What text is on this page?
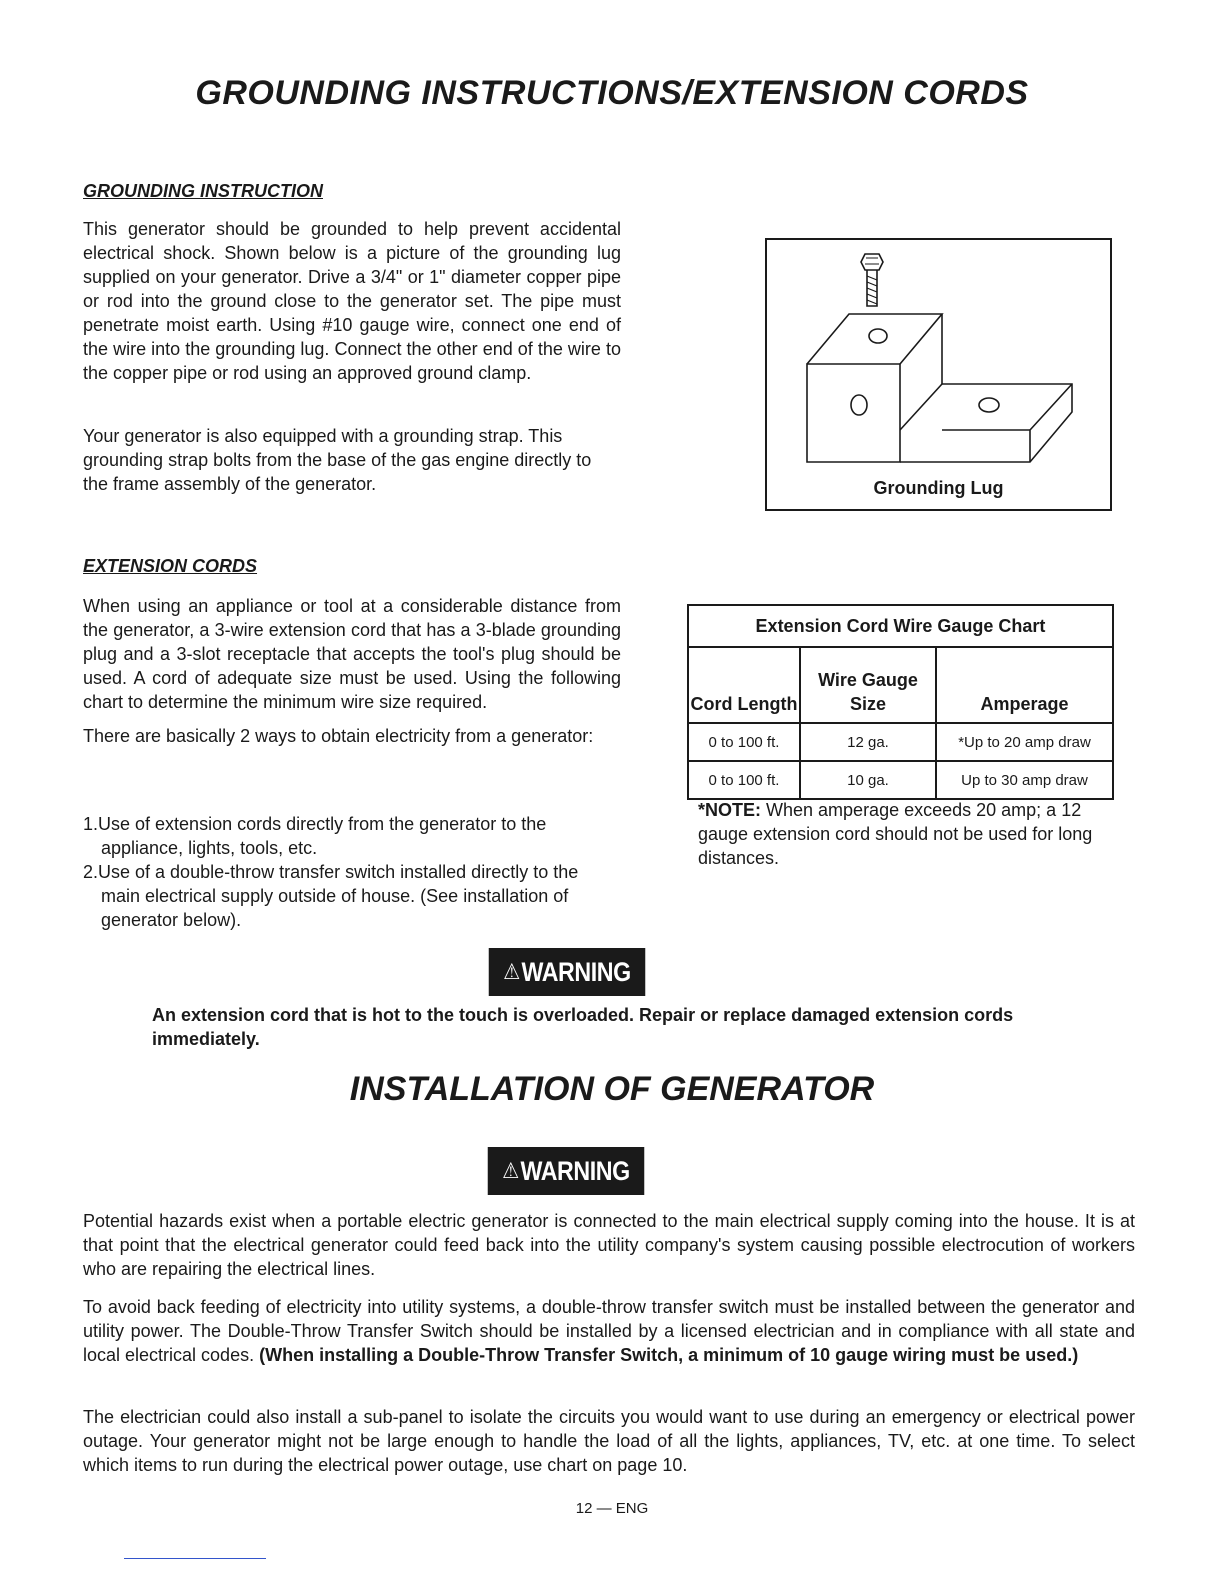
GROUNDING INSTRUCTIONS/EXTENSION CORDS
GROUNDING INSTRUCTION

This generator should be grounded to help prevent accidental electrical shock. Shown below is a picture of the grounding lug supplied on your generator. Drive a 3/4" or 1" diameter copper pipe or rod into the ground close to the generator set. The pipe must penetrate moist earth. Using #10 gauge wire, connect one end of the wire into the grounding lug. Connect the other end of the wire to the copper pipe or rod using an approved ground clamp.

Your generator is also equipped with a grounding strap. This grounding strap bolts from the base of the gas engine directly to the frame assembly of the generator.	Grounding Lug
EXTENSION CORDS

When using an appliance or tool at a considerable distance from the generator, a 3-wire extension cord that has a 3-blade grounding plug and a 3-slot receptacle that accepts the tool's plug should be used. A cord of adequate size must be used. Using the following chart to determine the minimum wire size required.

There are basically 2 ways to obtain electricity from a generator:

1.Use of extension cords directly from the generator to the appliance, lights, tools, etc.

2.Use of a double-throw transfer switch installed directly to the main electrical supply outside of house. (See installation of generator below).

Extension Cord Wire Gauge Chart		
Cord Length	Wire Gauge Size	Amperage
0 to 100 ft.	12 ga.	*Up to 20 amp draw
0 to 100 ft.	10 ga.	Up to 30 amp draw

*NOTE: When amperage exceeds 20 amp; a 12 gauge extension cord should not be used for long distances.

⚠ WARNING

An extension cord that is hot to the touch is overloaded. Repair or replace damaged extension cords immediately.

INSTALLATION OF GENERATOR
⚠ WARNING

Potential hazards exist when a portable electric generator is connected to the main electrical supply coming into the house. It is at that point that the electrical generator could feed back into the utility company's system causing possible electrocution of workers who are repairing the electrical lines.

To avoid back feeding of electricity into utility systems, a double-throw transfer switch must be installed between the generator and utility power. The Double-Throw Transfer Switch should be installed by a licensed electrician and in compliance with all state and local electrical codes. (When installing a Double-Throw Transfer Switch, a minimum of 10 gauge wiring must be used.)

The electrician could also install a sub-panel to isolate the circuits you would want to use during an emergency or electrical power outage. Your generator might not be large enough to handle the load of all the lights, appliances, TV, etc. at one time. To select which items to run during the electrical power outage, use chart on page 10.

12 — ENG
